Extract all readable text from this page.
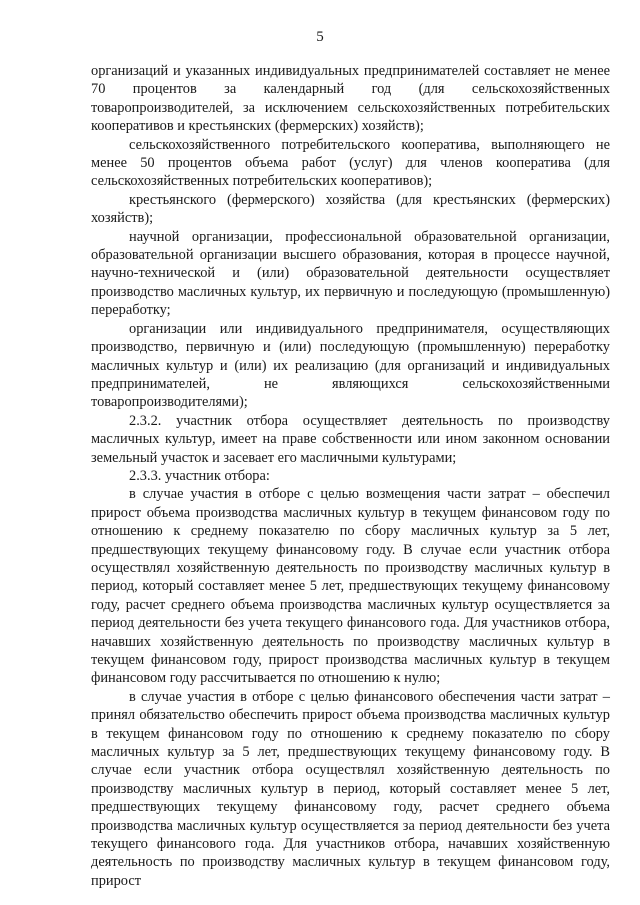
5

организаций и указанных индивидуальных предпринимателей составляет не менее 70 процентов за календарный год (для сельскохозяйственных товаропроизводителей, за исключением сельскохозяйственных потребительских кооперативов и крестьянских (фермерских) хозяйств);

сельскохозяйственного потребительского кооператива, выполняющего не менее 50 процентов объема работ (услуг) для членов кооператива (для сельскохозяйственных потребительских кооперативов);

крестьянского (фермерского) хозяйства (для крестьянских (фермерских) хозяйств);

научной организации, профессиональной образовательной организации, образовательной организации высшего образования, которая в процессе научной, научно-технической и (или) образовательной деятельности осуществляет производство масличных культур, их первичную и последующую (промышленную) переработку;

организации или индивидуального предпринимателя, осуществляющих производство, первичную и (или) последующую (промышленную) переработку масличных культур и (или) их реализацию (для организаций и индивидуальных предпринимателей, не являющихся сельскохозяйственными товаропроизводителями);

2.3.2. участник отбора осуществляет деятельность по производству масличных культур, имеет на праве собственности или ином законном основании земельный участок и засевает его масличными культурами;

2.3.3. участник отбора:

в случае участия в отборе с целью возмещения части затрат – обеспечил прирост объема производства масличных культур в текущем финансовом году по отношению к среднему показателю по сбору масличных культур за 5 лет, предшествующих текущему финансовому году. В случае если участник отбора осуществлял хозяйственную деятельность по производству масличных культур в период, который составляет менее 5 лет, предшествующих текущему финансовому году, расчет среднего объема производства масличных культур осуществляется за период деятельности без учета текущего финансового года. Для участников отбора, начавших хозяйственную деятельность по производству масличных культур в текущем финансовом году, прирост производства масличных культур в текущем финансовом году рассчитывается по отношению к нулю;

в случае участия в отборе с целью финансового обеспечения части затрат – принял обязательство обеспечить прирост объема производства масличных культур в текущем финансовом году по отношению к среднему показателю по сбору масличных культур за 5 лет, предшествующих текущему финансовому году. В случае если участник отбора осуществлял хозяйственную деятельность по производству масличных культур в период, который составляет менее 5 лет, предшествующих текущему финансовому году, расчет среднего объема производства масличных культур осуществляется за период деятельности без учета текущего финансового года. Для участников отбора, начавших хозяйственную деятельность по производству масличных культур в текущем финансовом году, прирост
